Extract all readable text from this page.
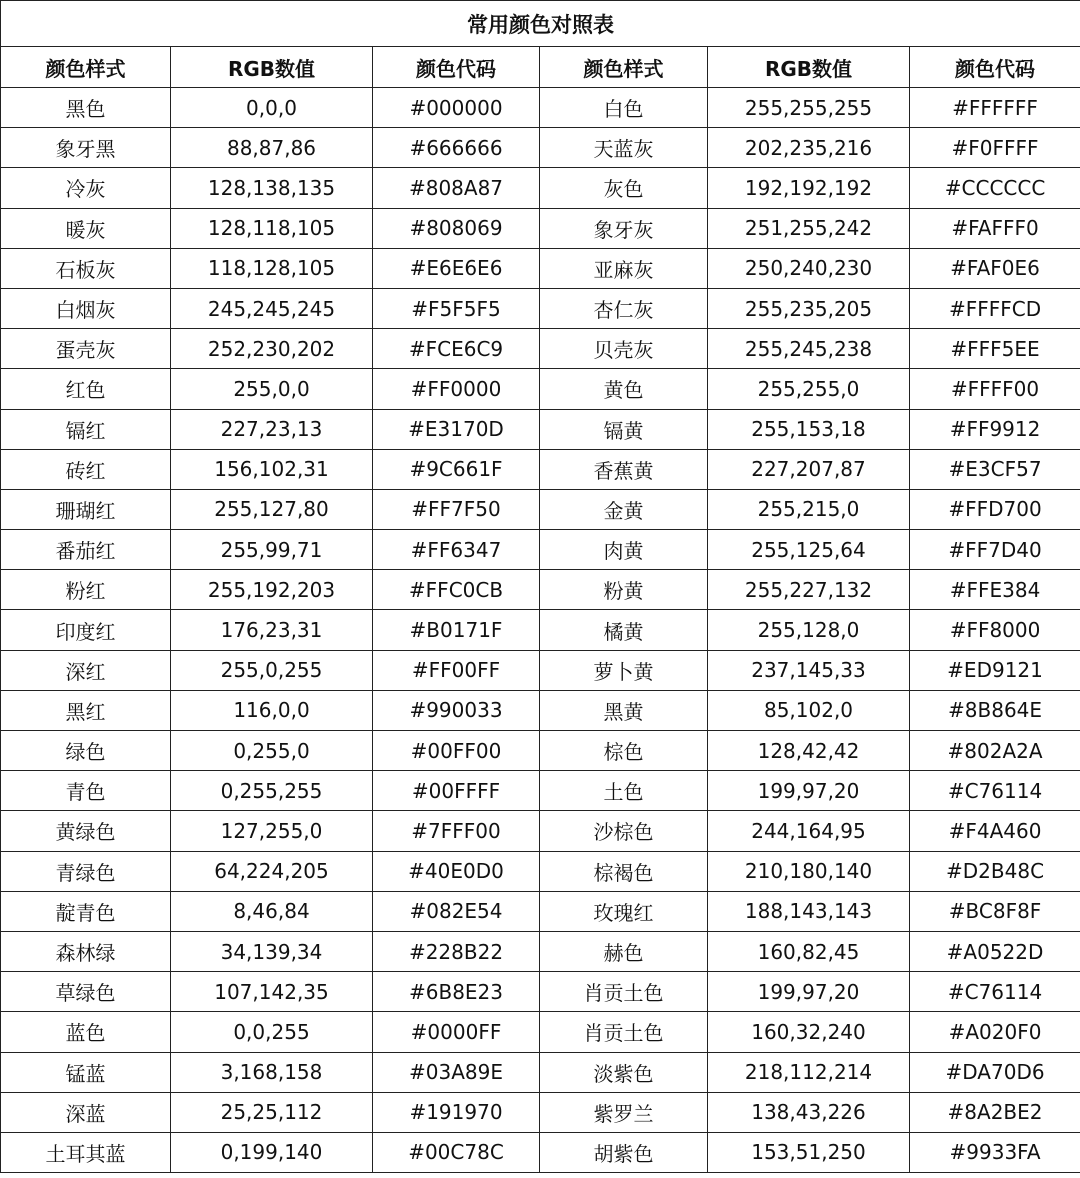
常用颜色对照表					
颜色样式	RGB数值	颜色代码	颜色样式	RGB数值	颜色代码
黑色	0,0,0	#000000	白色	255,255,255	#FFFFFF
象牙黑	88,87,86	#666666	天蓝灰	202,235,216	#F0FFFF
冷灰	128,138,135	#808A87	灰色	192,192,192	#CCCCCC
暖灰	128,118,105	#808069	象牙灰	251,255,242	#FAFFF0
石板灰	118,128,105	#E6E6E6	亚麻灰	250,240,230	#FAF0E6
白烟灰	245,245,245	#F5F5F5	杏仁灰	255,235,205	#FFFFCD
蛋壳灰	252,230,202	#FCE6C9	贝壳灰	255,245,238	#FFF5EE
红色	255,0,0	#FF0000	黄色	255,255,0	#FFFF00
镉红	227,23,13	#E3170D	镉黄	255,153,18	#FF9912
砖红	156,102,31	#9C661F	香蕉黄	227,207,87	#E3CF57
珊瑚红	255,127,80	#FF7F50	金黄	255,215,0	#FFD700
番茄红	255,99,71	#FF6347	肉黄	255,125,64	#FF7D40
粉红	255,192,203	#FFC0CB	粉黄	255,227,132	#FFE384
印度红	176,23,31	#B0171F	橘黄	255,128,0	#FF8000
深红	255,0,255	#FF00FF	萝卜黄	237,145,33	#ED9121
黑红	116,0,0	#990033	黑黄	85,102,0	#8B864E
绿色	0,255,0	#00FF00	棕色	128,42,42	#802A2A
青色	0,255,255	#00FFFF	土色	199,97,20	#C76114
黄绿色	127,255,0	#7FFF00	沙棕色	244,164,95	#F4A460
青绿色	64,224,205	#40E0D0	棕褐色	210,180,140	#D2B48C
靛青色	8,46,84	#082E54	玫瑰红	188,143,143	#BC8F8F
森林绿	34,139,34	#228B22	赫色	160,82,45	#A0522D
草绿色	107,142,35	#6B8E23	肖贡土色	199,97,20	#C76114
蓝色	0,0,255	#0000FF	肖贡土色	160,32,240	#A020F0
锰蓝	3,168,158	#03A89E	淡紫色	218,112,214	#DA70D6
深蓝	25,25,112	#191970	紫罗兰	138,43,226	#8A2BE2
土耳其蓝	0,199,140	#00C78C	胡紫色	153,51,250	#9933FA
